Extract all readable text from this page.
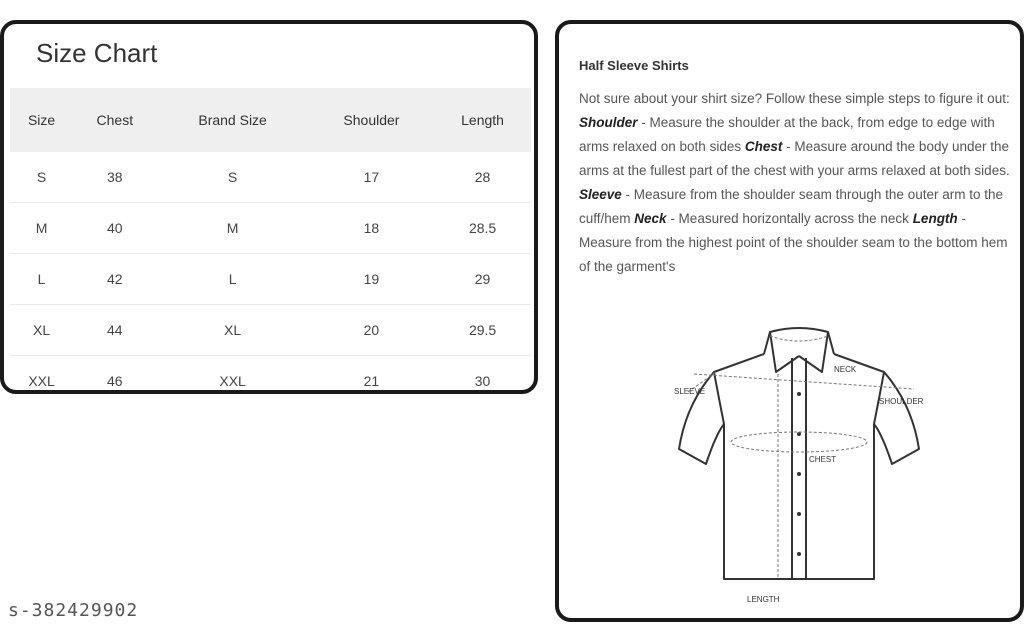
Size Chart
Size	Chest	Brand Size	Shoulder	Length
S	38	S	17	28
M	40	M	18	28.5
L	42	L	19	29
XL	44	XL	20	29.5
XXL	46	XXL	21	30
Half Sleeve Shirts
Not sure about your shirt size? Follow these simple steps to figure it out: Shoulder - Measure the shoulder at the back, from edge to edge with arms relaxed on both sides Chest - Measure around the body under the arms at the fullest part of the chest with your arms relaxed at both sides. Sleeve - Measure from the shoulder seam through the outer arm to the cuff/hem Neck - Measured horizontally across the neck Length - Measure from the highest point of the shoulder seam to the bottom hem of the garment's
NECK
SLEEVE
SHOULDER
CHEST
LENGTH
s-382429902
